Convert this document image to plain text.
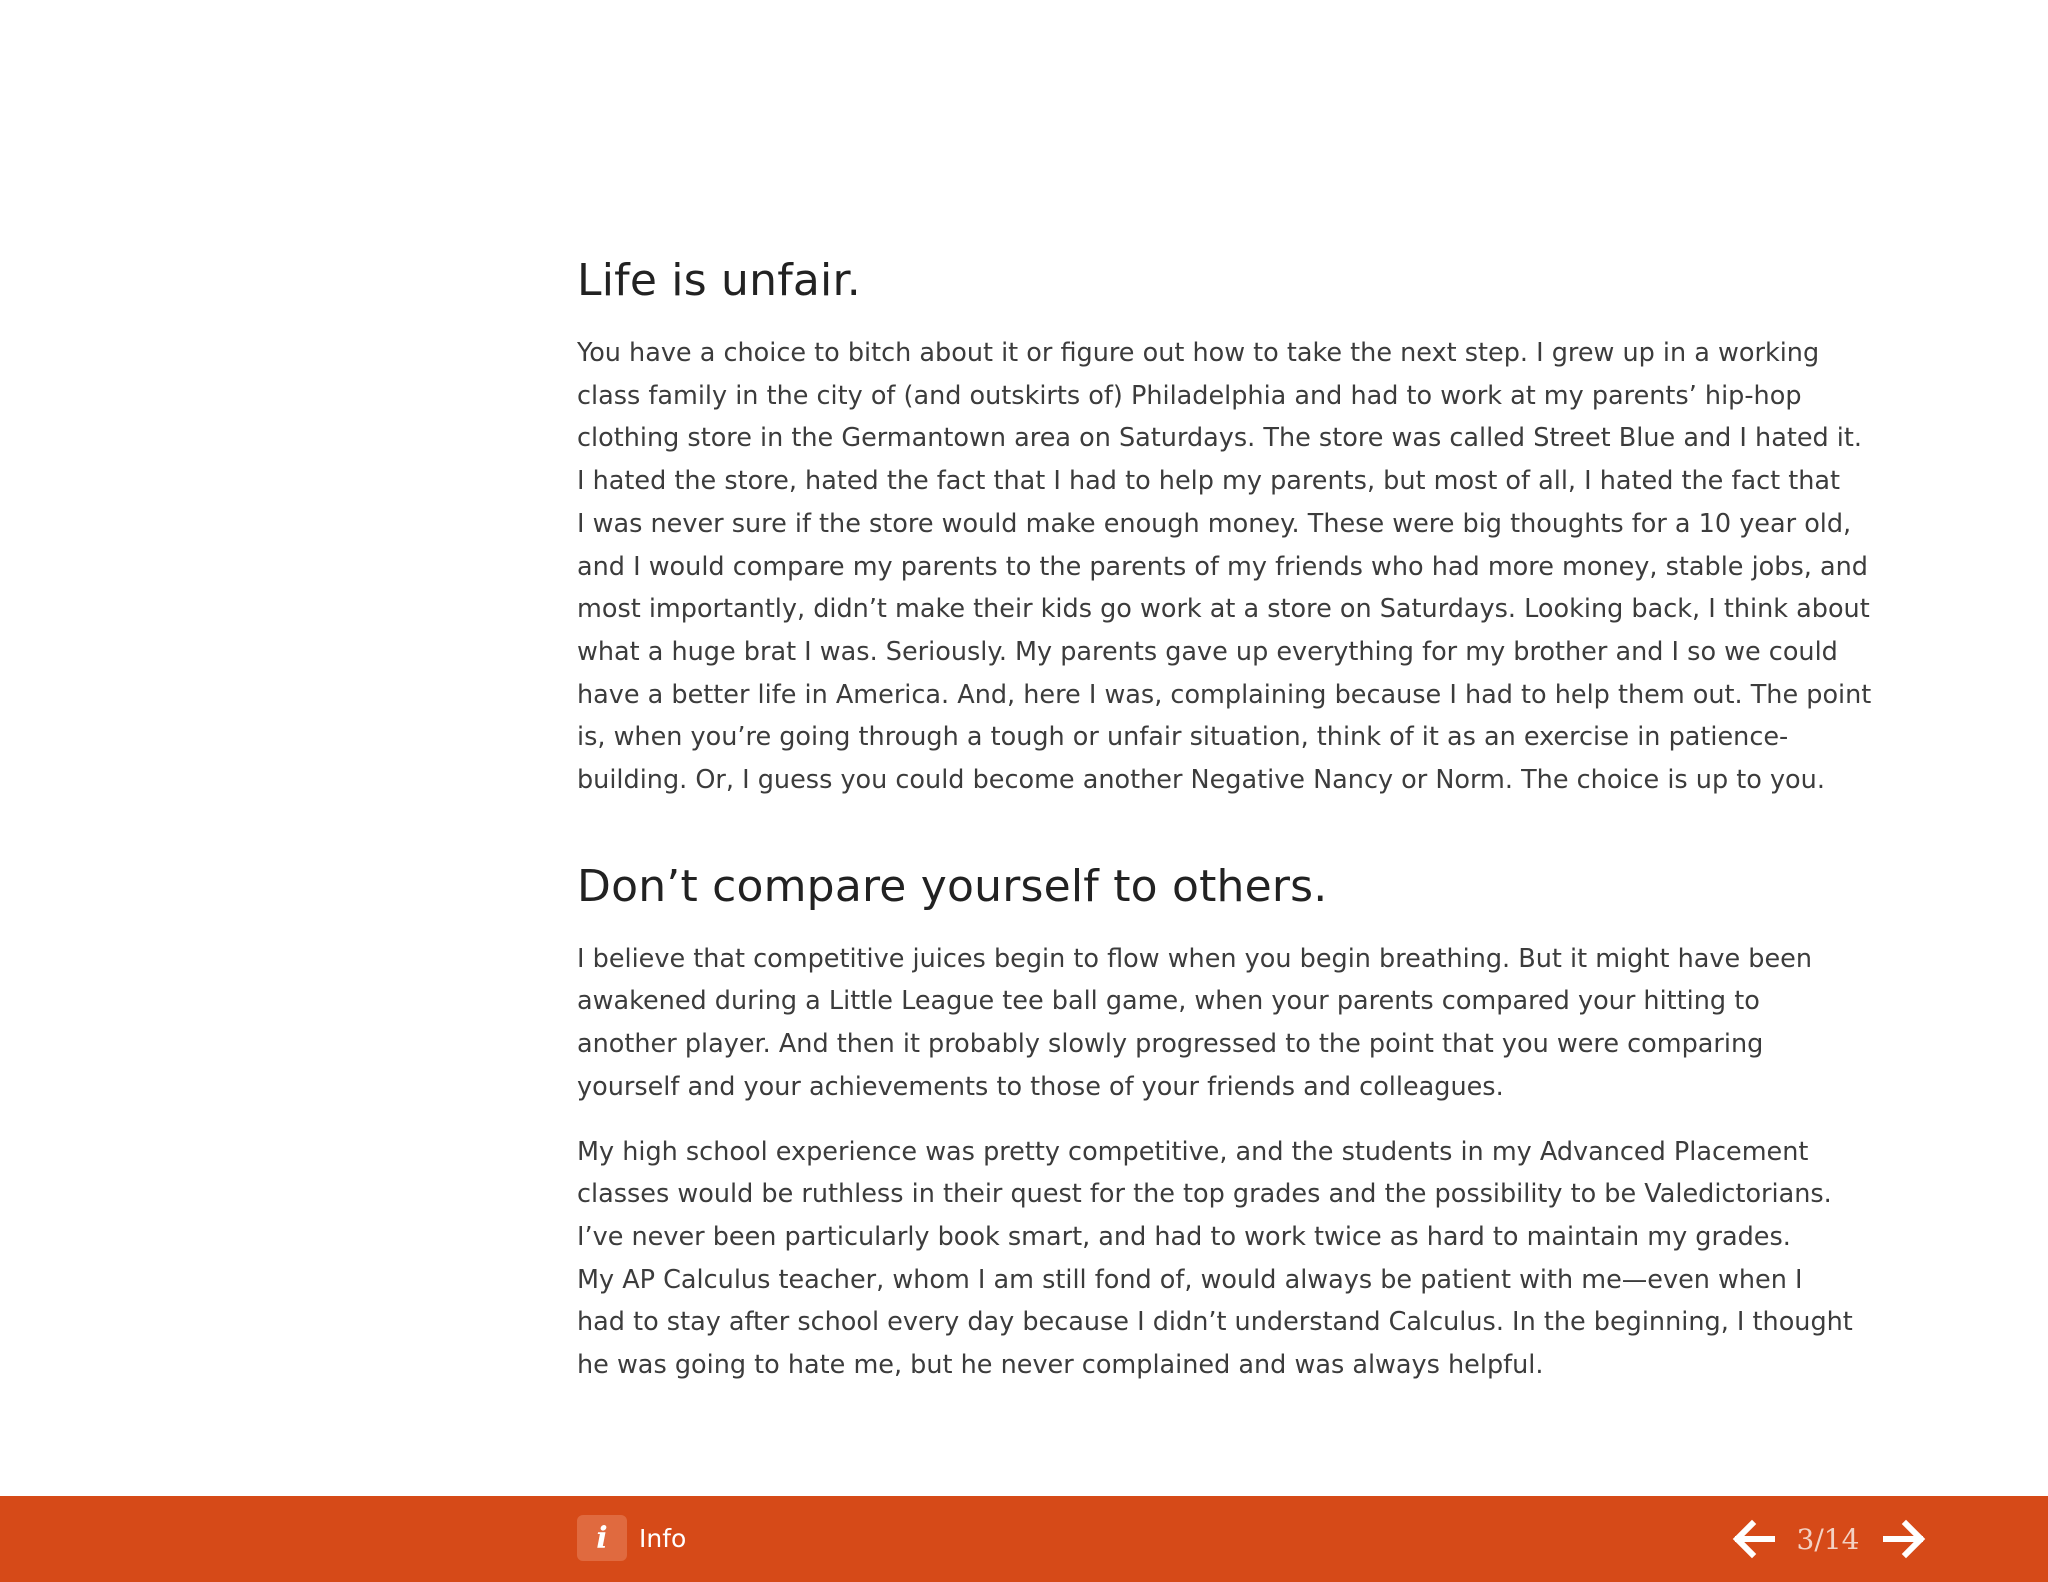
Life is unfair.

You have a choice to bitch about it or figure out how to take the next step. I grew up in a working
class family in the city of (and outskirts of) Philadelphia and had to work at my parents’ hip-hop
clothing store in the Germantown area on Saturdays. The store was called Street Blue and I hated it.
I hated the store, hated the fact that I had to help my parents, but most of all, I hated the fact that
I was never sure if the store would make enough money. These were big thoughts for a 10 year old,
and I would compare my parents to the parents of my friends who had more money, stable jobs, and
most importantly, didn’t make their kids go work at a store on Saturdays. Looking back, I think about
what a huge brat I was. Seriously. My parents gave up everything for my brother and I so we could
have a better life in America. And, here I was, complaining because I had to help them out. The point
is, when you’re going through a tough or unfair situation, think of it as an exercise in patience-
building. Or, I guess you could become another Negative Nancy or Norm. The choice is up to you.

Don’t compare yourself to others.

I believe that competitive juices begin to flow when you begin breathing. But it might have been
awakened during a Little League tee ball game, when your parents compared your hitting to
another player. And then it probably slowly progressed to the point that you were comparing
yourself and your achievements to those of your friends and colleagues.

My high school experience was pretty competitive, and the students in my Advanced Placement
classes would be ruthless in their quest for the top grades and the possibility to be Valedictorians.
I’ve never been particularly book smart, and had to work twice as hard to maintain my grades.
My AP Calculus teacher, whom I am still fond of, would always be patient with me—even when I
had to stay after school every day because I didn’t understand Calculus. In the beginning, I thought
he was going to hate me, but he never complained and was always helpful.

i	Info	3/14
